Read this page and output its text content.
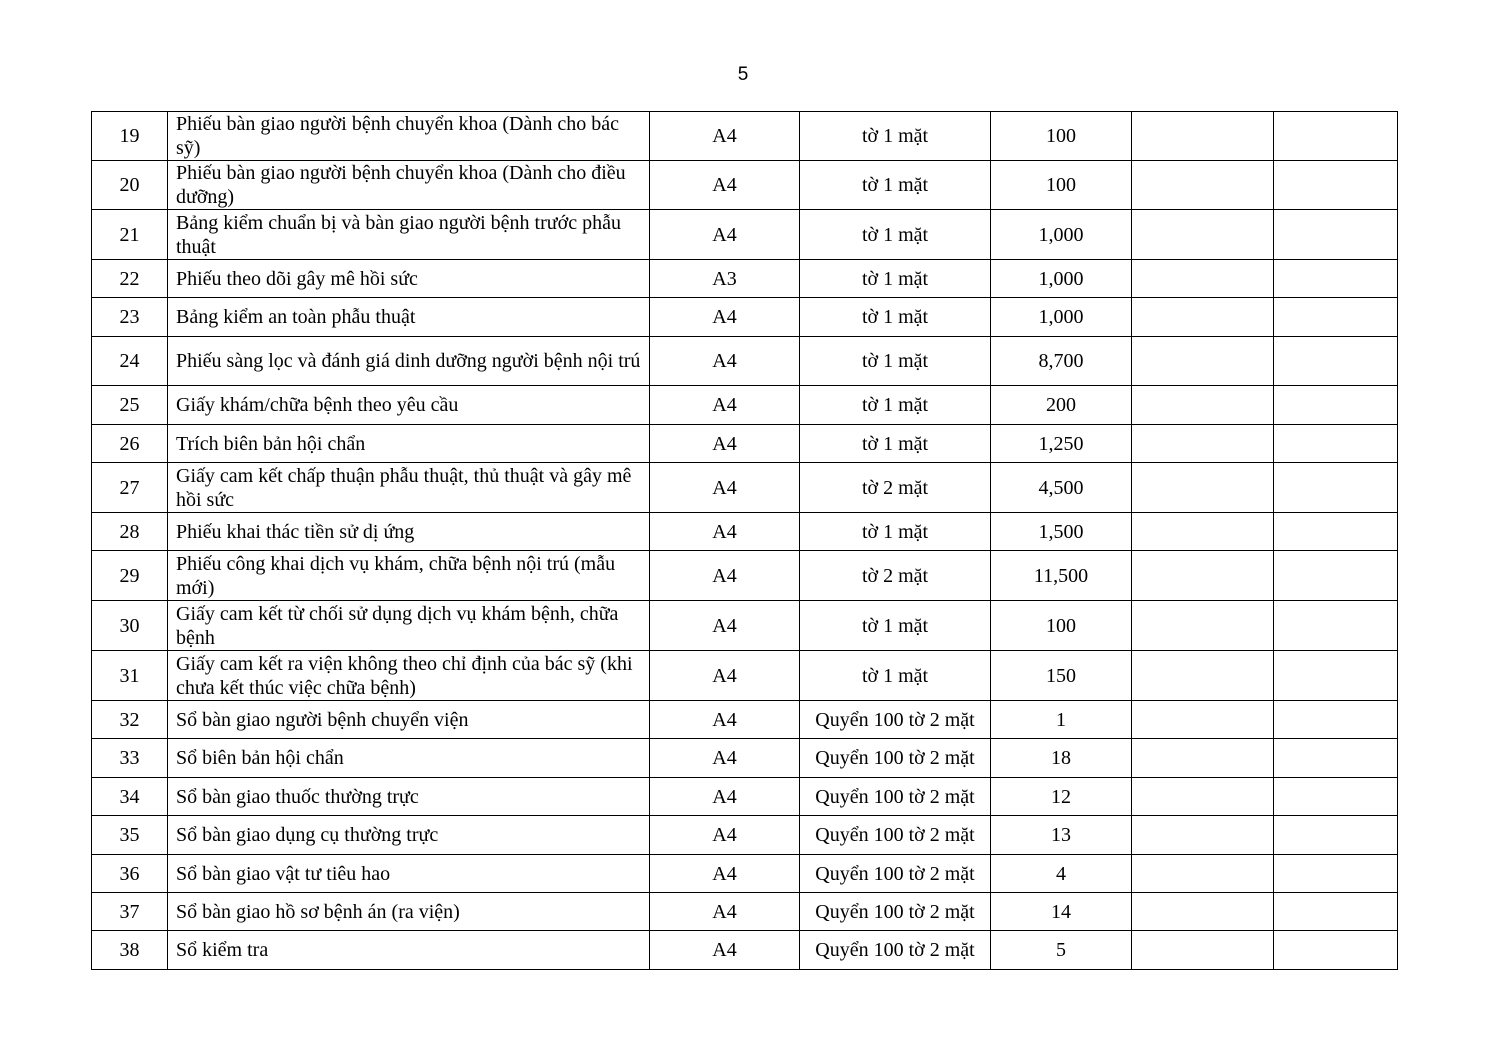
5
19	Phiếu bàn giao người bệnh chuyển khoa (Dành cho bác sỹ)	A4	tờ 1 mặt	100		
20	Phiếu bàn giao người bệnh chuyển khoa (Dành cho điều dưỡng)	A4	tờ 1 mặt	100		
21	Bảng kiểm chuẩn bị và bàn giao người bệnh trước phẫu thuật	A4	tờ 1 mặt	1,000		
22	Phiếu theo dõi gây mê hồi sức	A3	tờ 1 mặt	1,000		
23	Bảng kiểm an toàn phẫu thuật	A4	tờ 1 mặt	1,000		
24	Phiếu sàng lọc và đánh giá dinh dưỡng người bệnh nội trú	A4	tờ 1 mặt	8,700		
25	Giấy khám/chữa bệnh theo yêu cầu	A4	tờ 1 mặt	200		
26	Trích biên bản hội chẩn	A4	tờ 1 mặt	1,250		
27	Giấy cam kết chấp thuận phẫu thuật, thủ thuật và gây mê hồi sức	A4	tờ 2 mặt	4,500		
28	Phiếu khai thác tiền sử dị ứng	A4	tờ 1 mặt	1,500		
29	Phiếu công khai dịch vụ khám, chữa bệnh nội trú (mẫu mới)	A4	tờ 2 mặt	11,500		
30	Giấy cam kết từ chối sử dụng dịch vụ khám bệnh, chữa bệnh	A4	tờ 1 mặt	100		
31	Giấy cam kết ra viện không theo chỉ định của bác sỹ (khi chưa kết thúc việc chữa bệnh)	A4	tờ 1 mặt	150		
32	Sổ bàn giao người bệnh chuyển viện	A4	Quyển 100 tờ 2 mặt	1		
33	Sổ biên bản hội chẩn	A4	Quyển 100 tờ 2 mặt	18		
34	Sổ bàn giao thuốc thường trực	A4	Quyển 100 tờ 2 mặt	12		
35	Sổ bàn giao dụng cụ thường trực	A4	Quyển 100 tờ 2 mặt	13		
36	Sổ bàn giao vật tư tiêu hao	A4	Quyển 100 tờ 2 mặt	4		
37	Sổ bàn giao hồ sơ bệnh án (ra viện)	A4	Quyển 100 tờ 2 mặt	14		
38	Sổ kiểm tra	A4	Quyển 100 tờ 2 mặt	5		
